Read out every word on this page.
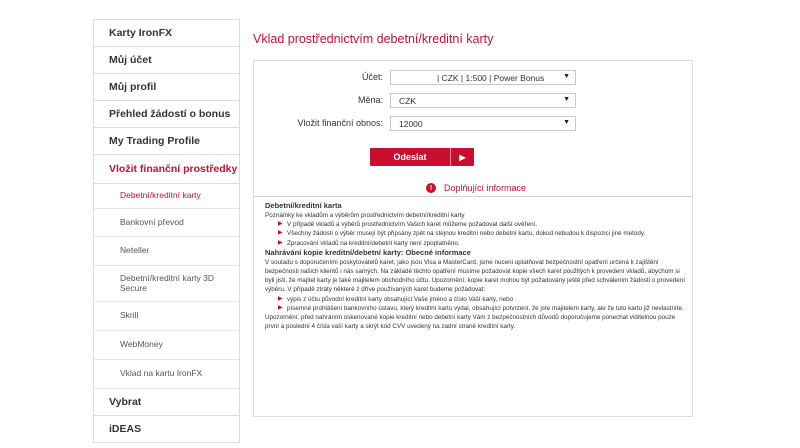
Karty IronFX
Můj účet
Můj profil
Přehled žádostí o bonus
My Trading Profile
Vložit finanční prostředky
Debetní/kreditní karty
Bankovní převod
Neteller
Debetní/kreditní karty 3D Secure
Skrill
WebMoney
Vklad na kartu IronFX
Vybrat
iDEAS
Vklad prostřednictvím debetní/kreditní karty
Účet:	| CZK | 1:500 | Power Bonus	▼
Měna:	CZK	▼
Vložit finanční obnos:	12000	▼
Odeslat	▶
!	Doplňující informace
Debetní/kreditní karta

Poznámky ke vkladům a výběrům prostřednictvím debetní/kreditní karty

▶ V případě vkladů a výběrů prostřednictvím Vašich karet můžeme požadovat další ověření.
▶ Všechny žádosti o výběr musejí být připsány zpět na stejnou kreditní nebo debetní kartu, dokud nebudou k dispozici jiné metody.
▶ Zpracování vkladů na kreditní/debetní karty není zpoplatněno.
Nahrávání kopie kreditní/debetní karty: Obecné informace

V souladu s doporučeními poskytovatelů karet, jako jsou Visa a MasterCard, jsme nuceni uplatňovat bezpečnostní opatření určená k zajištění bezpečnosti našich klientů i nás samých. Na základě těchto opatření musíme požadovat kopie všech karet použitých k provedení vkladů, abychom si byli jisti, že majitel karty je také majitelem obchodního účtu. Upozornění: kopie karet mohou být požadovány ještě před schválením žádosti o provedení výběru. V případě ztráty některé z dříve používaných karet budeme požadovat:

▶ výpis z účtu původní kreditní karty obsahující Vaše jméno a číslo Vaší karty, nebo
▶ písemné prohlášení bankovního ústavu, který kreditní kartu vydal, obsahující potvrzení, že jste majitelem karty, ale že tuto kartu již nevlastníte.

Upozornění: před nahráním oskenované kopie kreditní nebo debetní karty Vám z bezpečnostních důvodů doporučujeme ponechat viditelnou pouze první a poslední 4 čísla vaší karty a skrýt kód CVV uvedený na zadní straně kreditní karty.
